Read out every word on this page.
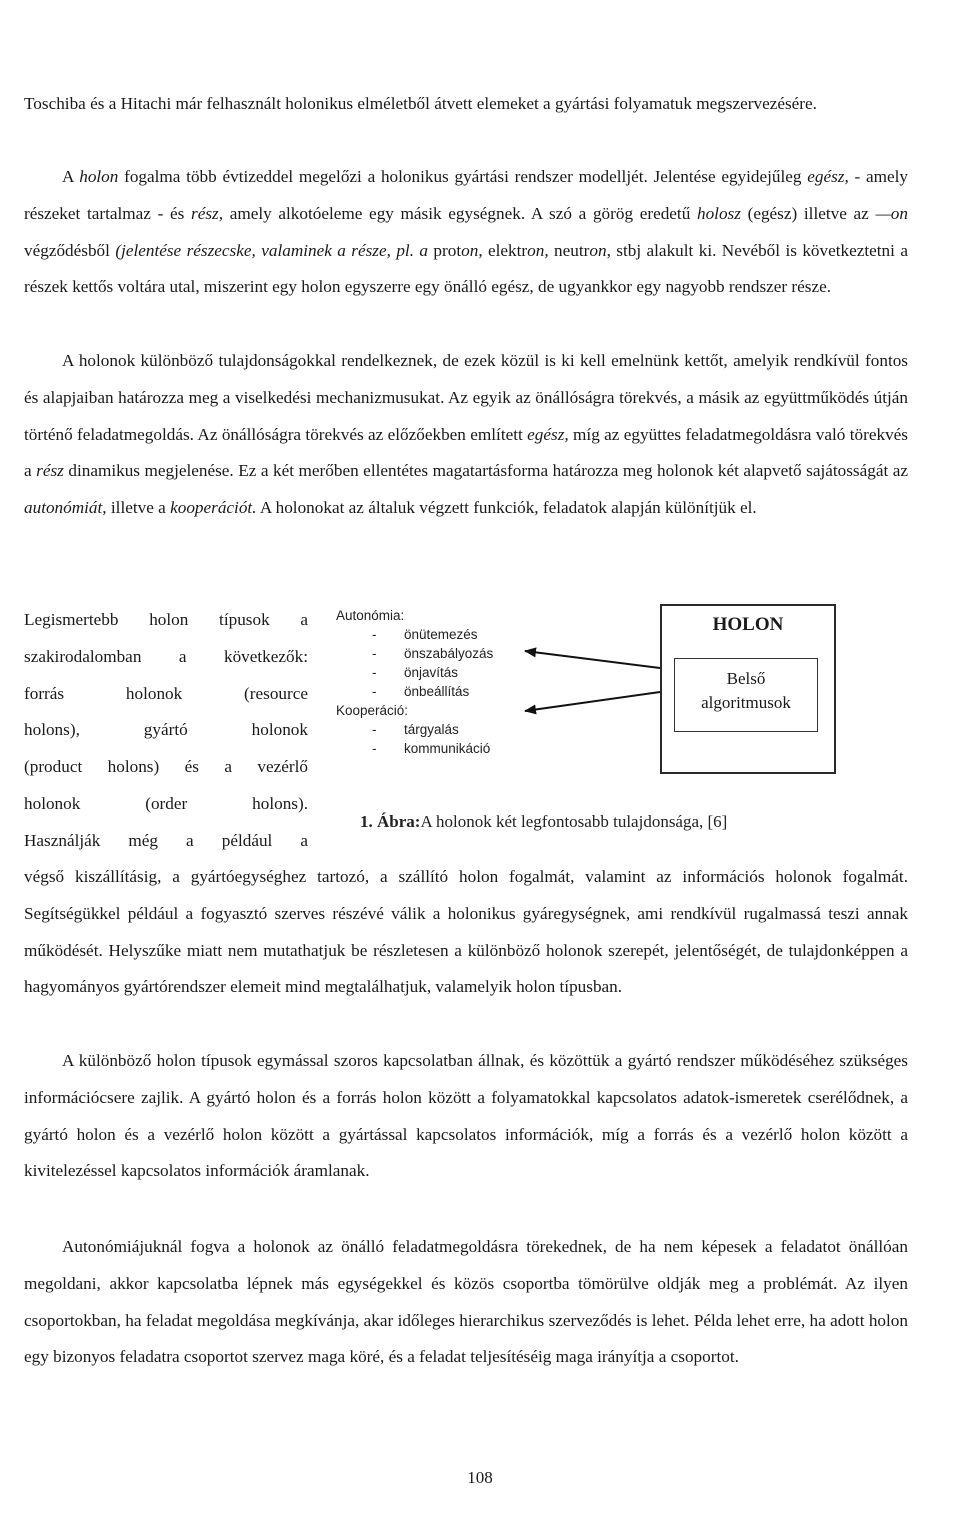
Toschiba és a Hitachi már felhasznált holonikus elméletből átvett elemeket a gyártási folyamatuk megszervezésére.

A holon fogalma több évtizeddel megelőzi a holonikus gyártási rendszer modelljét. Jelentése egyidejűleg egész, - amely részeket tartalmaz - és rész, amely alkotóeleme egy másik egységnek. A szó a görög eredetű holosz (egész) illetve az —on végződésből (jelentése részecske, valaminek a része, pl. a proton, elektron, neutron, stbj alakult ki. Nevéből is következtetni a részek kettős voltára utal, miszerint egy holon egyszerre egy önálló egész, de ugyankkor egy nagyobb rendszer része.

A holonok különböző tulajdonságokkal rendelkeznek, de ezek közül is ki kell emelnünk kettőt, amelyik rendkívül fontos és alapjaiban határozza meg a viselkedési mechanizmusukat. Az egyik az önállóságra törekvés, a másik az együttműködés útján történő feladatmegoldás. Az önállóságra törekvés az előzőekben említett egész, míg az együttes feladatmegoldásra való törekvés a rész dinamikus megjelenése. Ez a két merőben ellentétes magatartásforma határozza meg holonok két alapvető sajátosságát az autonómiát, illetve a kooperációt. A holonokat az általuk végzett funkciók, feladatok alapján különítjük el.

Legismertebb holon típusok a
szakirodalomban a következők:
forrás holonok (resource
holons), gyártó holonok
(product holons) és a vezérlő
holonok (order holons).
Használják még a például a
Autonómia:
- önütemezés
- önszabályozás
- önjavítás
- önbeállítás
Kooperáció:
- tárgyalás
- kommunikáció
HOLON
Belső
algoritmusok
1. Ábra:A holonok két legfontosabb tulajdonsága, [6]

végső kiszállításig, a gyártóegységhez tartozó, a szállító holon fogalmát, valamint az információs holonok fogalmát. Segítségükkel például a fogyasztó szerves részévé válik a holonikus gyáregységnek, ami rendkívül rugalmassá teszi annak működését. Helyszűke miatt nem mutathatjuk be részletesen a különböző holonok szerepét, jelentőségét, de tulajdonképpen a hagyományos gyártórendszer elemeit mind megtalálhatjuk, valamelyik holon típusban.

A különböző holon típusok egymással szoros kapcsolatban állnak, és közöttük a gyártó rendszer működéséhez szükséges információcsere zajlik. A gyártó holon és a forrás holon között a folyamatokkal kapcsolatos adatok-ismeretek cserélődnek, a gyártó holon és a vezérlő holon között a gyártással kapcsolatos információk, míg a forrás és a vezérlő holon között a kivitelezéssel kapcsolatos információk áramlanak.

Autonómiájuknál fogva a holonok az önálló feladatmegoldásra törekednek, de ha nem képesek a feladatot önállóan megoldani, akkor kapcsolatba lépnek más egységekkel és közös csoportba tömörülve oldják meg a problémát. Az ilyen csoportokban, ha feladat megoldása megkívánja, akar időleges hierarchikus szerveződés is lehet. Példa lehet erre, ha adott holon egy bizonyos feladatra csoportot szervez maga köré, és a feladat teljesítéséig maga irányítja a csoportot.

108
